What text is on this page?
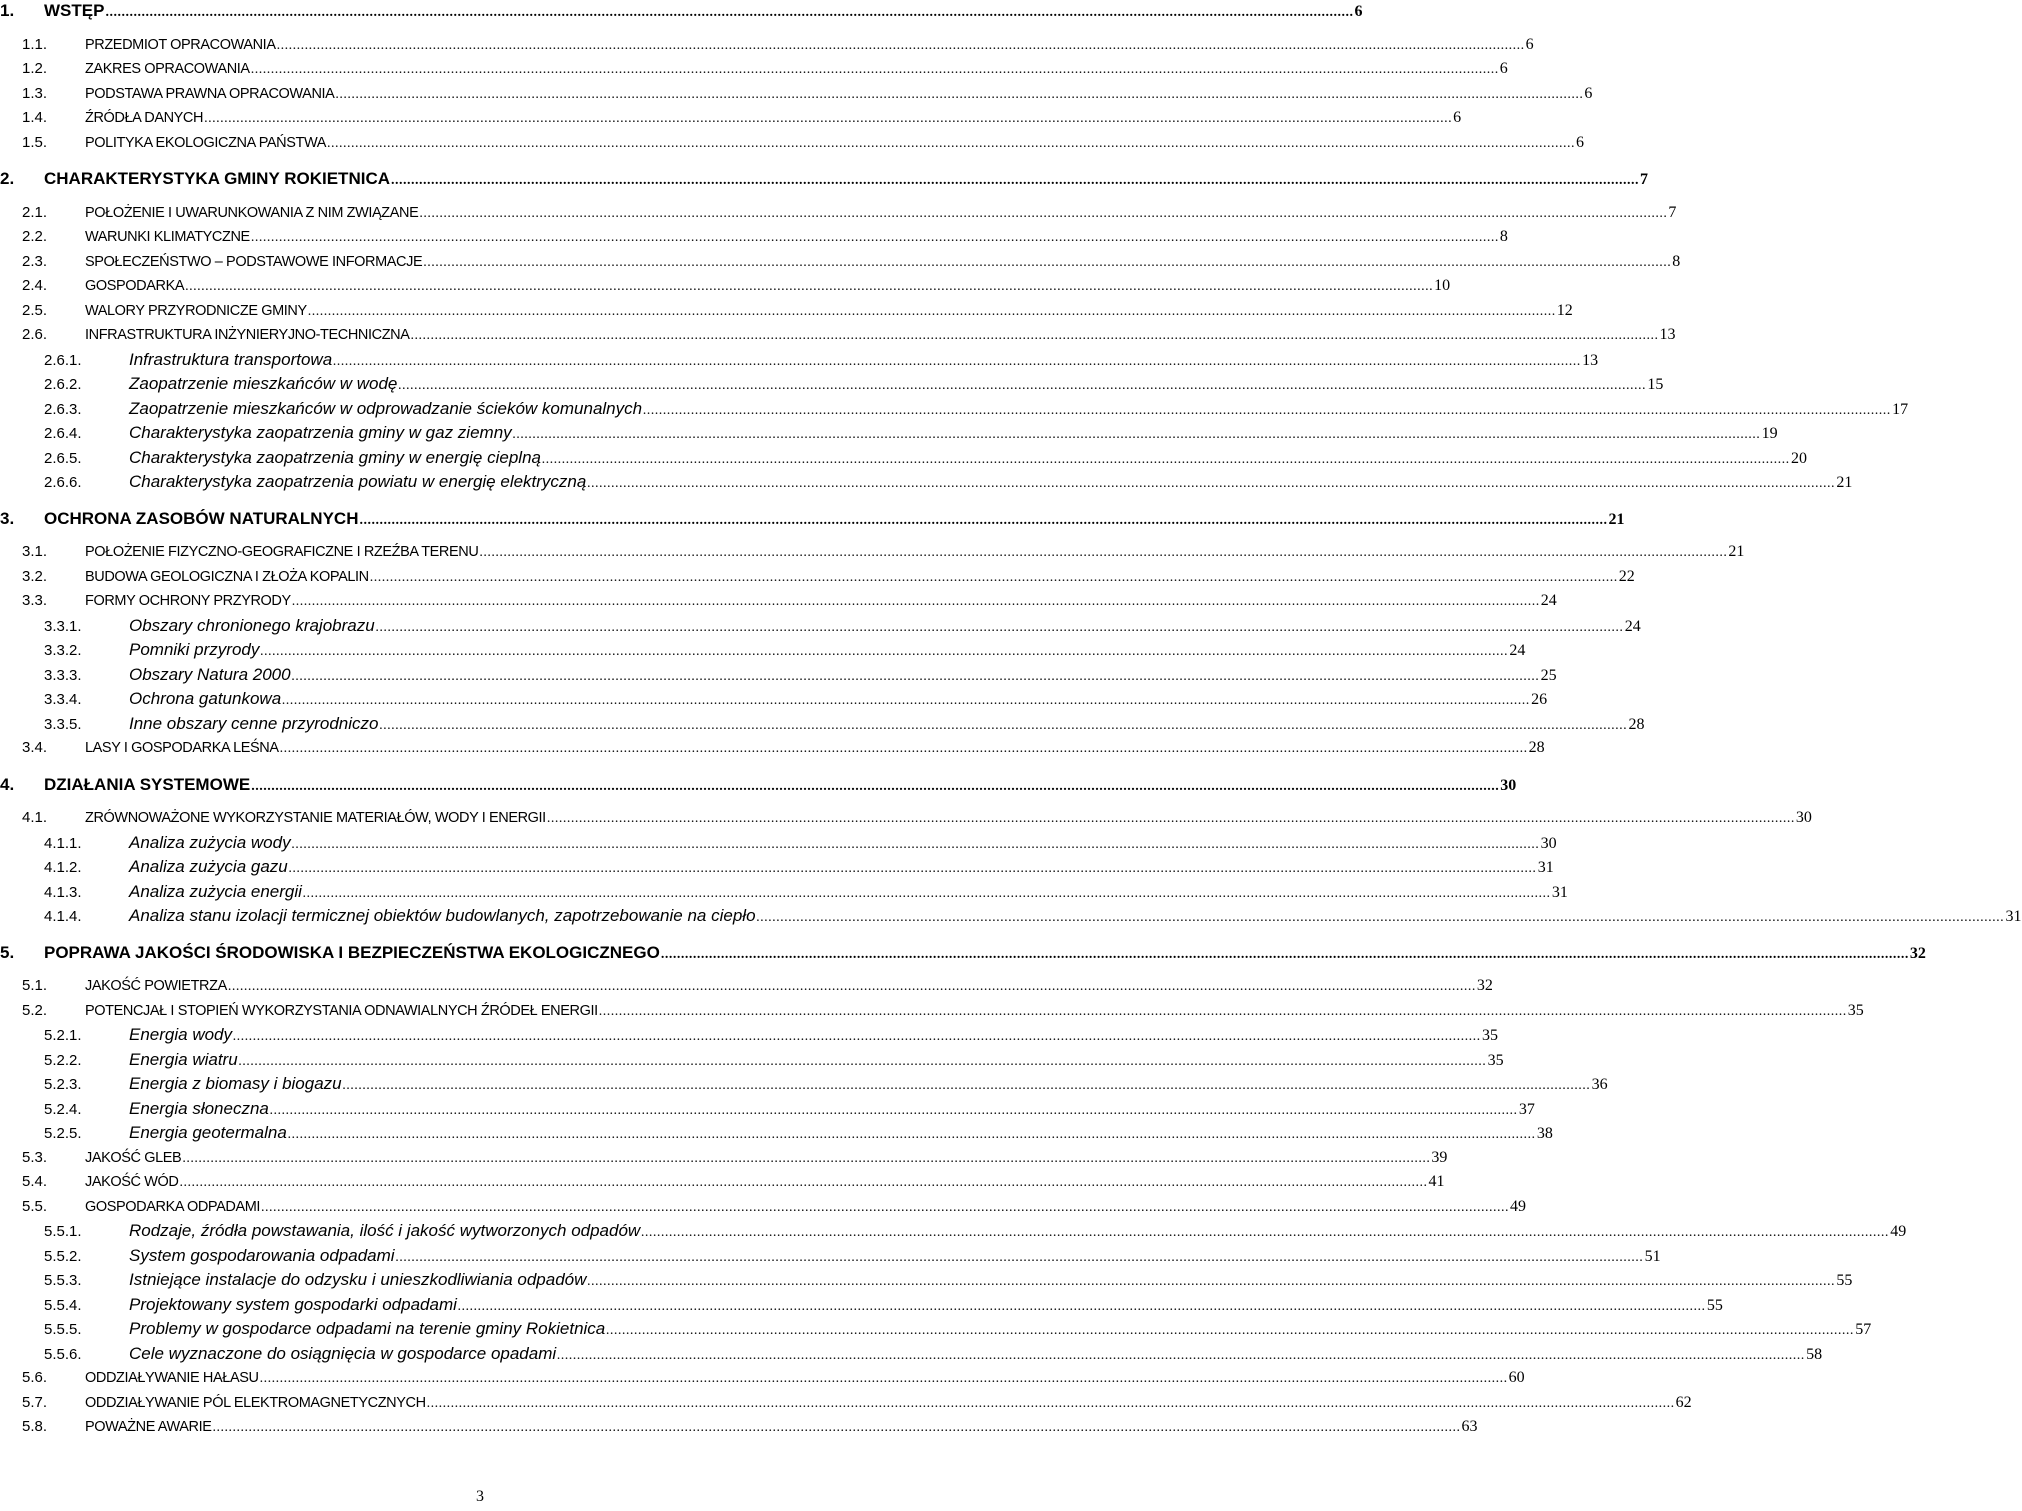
1.	WSTĘP .....	6
1.1.	PRZEDMIOT OPRACOWANIA .....	6
1.2.	ZAKRES OPRACOWANIA .....	6
1.3.	PODSTAWA PRAWNA OPRACOWANIA .....	6
1.4.	ŹRÓDŁA DANYCH .....	6
1.5.	POLITYKA EKOLOGICZNA PAŃSTWA .....	6
2.	CHARAKTERYSTYKA GMINY ROKIETNICA .....	7
2.1.	POŁOŻENIE I UWARUNKOWANIA Z NIM ZWIĄZANE .....	7
2.2.	WARUNKI KLIMATYCZNE .....	8
2.3.	SPOŁECZEŃSTWO – PODSTAWOWE INFORMACJE .....	8
2.4.	GOSPODARKA .....	10
2.5.	WALORY PRZYRODNICZE GMINY .....	12
2.6.	INFRASTRUKTURA INŻYNIERYJNO-TECHNICZNA .....	13
2.6.1.	Infrastruktura transportowa .....	13
2.6.2.	Zaopatrzenie mieszkańców w wodę .....	15
2.6.3.	Zaopatrzenie mieszkańców w odprowadzanie ścieków komunalnych .....	17
2.6.4.	Charakterystyka zaopatrzenia gminy w gaz ziemny .....	19
2.6.5.	Charakterystyka zaopatrzenia gminy w energię cieplną .....	20
2.6.6.	Charakterystyka zaopatrzenia powiatu w energię elektryczną .....	21
3.	OCHRONA ZASOBÓW NATURALNYCH .....	21
3.1.	POŁOŻENIE FIZYCZNO-GEOGRAFICZNE I RZEŹBA TERENU .....	21
3.2.	BUDOWA GEOLOGICZNA I ZŁOŻA KOPALIN .....	22
3.3.	FORMY OCHRONY PRZYRODY .....	24
3.3.1.	Obszary chronionego krajobrazu .....	24
3.3.2.	Pomniki przyrody .....	24
3.3.3.	Obszary Natura 2000 .....	25
3.3.4.	Ochrona gatunkowa .....	26
3.3.5.	Inne obszary cenne przyrodniczo .....	28
3.4.	LASY I GOSPODARKA LEŚNA .....	28
4.	DZIAŁANIA SYSTEMOWE .....	30
4.1.	ZRÓWNOWAŻONE WYKORZYSTANIE MATERIAŁÓW, WODY I ENERGII .....	30
4.1.1.	Analiza zużycia wody .....	30
4.1.2.	Analiza zużycia gazu .....	31
4.1.3.	Analiza zużycia energii .....	31
4.1.4.	Analiza stanu izolacji termicznej obiektów budowlanych, zapotrzebowanie na ciepło .....	31
5.	POPRAWA JAKOŚCI ŚRODOWISKA I BEZPIECZEŃSTWA EKOLOGICZNEGO .....	32
5.1.	JAKOŚĆ POWIETRZA .....	32
5.2.	POTENCJAŁ I STOPIEŃ WYKORZYSTANIA ODNAWIALNYCH ŹRÓDEŁ ENERGII .....	35
5.2.1.	Energia wody .....	35
5.2.2.	Energia wiatru .....	35
5.2.3.	Energia z biomasy i biogazu .....	36
5.2.4.	Energia słoneczna .....	37
5.2.5.	Energia geotermalna .....	38
5.3.	JAKOŚĆ GLEB .....	39
5.4.	JAKOŚĆ WÓD .....	41
5.5.	GOSPODARKA ODPADAMI .....	49
5.5.1.	Rodzaje, źródła powstawania, ilość i jakość wytworzonych odpadów .....	49
5.5.2.	System gospodarowania odpadami .....	51
5.5.3.	Istniejące instalacje do odzysku i unieszkodliwiania odpadów .....	55
5.5.4.	Projektowany system gospodarki odpadami .....	55
5.5.5.	Problemy w gospodarce odpadami na terenie gminy Rokietnica .....	57
5.5.6.	Cele wyznaczone do osiągnięcia w gospodarce opadami .....	58
5.6.	ODDZIAŁYWANIE HAŁASU .....	60
5.7.	ODDZIAŁYWANIE PÓL ELEKTROMAGNETYCZNYCH .....	62
5.8.	POWAŻNE AWARIE .....	63
3
